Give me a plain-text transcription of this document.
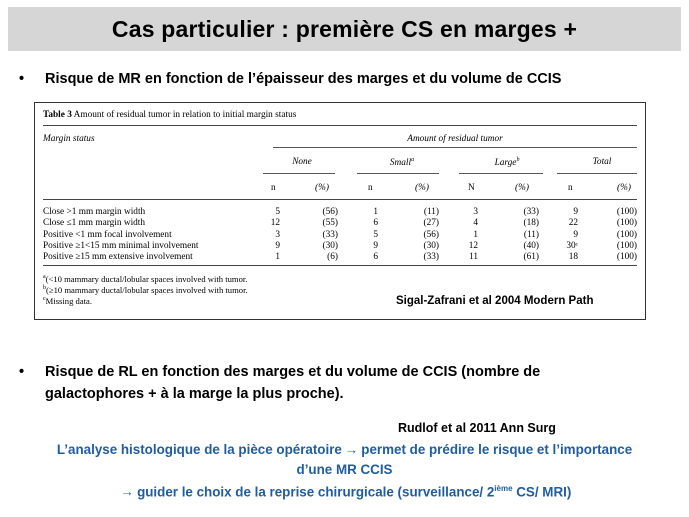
Cas particulier : première CS en marges +
• Risque de MR en fonction de l’épaisseur des marges et du volume de CCIS
Table 3 Amount of residual tumor in relation to initial margin status
Margin status	Amount of residual tumor
None	Small$^a$	Large$^b$	Total
n	(%)	n	(%)	N	(%)	n	(%)
Close >1 mm margin width	5	(56)	1	(11)	3	(33)	9	(100)
Close ≤1 mm margin width	12	(55)	6	(27)	4	(18)	22	(100)
Positive <1 mm focal involvement	3	(33)	5	(56)	1	(11)	9	(100)
Positive ≥1<15 mm minimal involvement	9	(30)	9	(30)	12	(40)	30ᶜ	(100)
Positive ≥15 mm extensive involvement	1	(6)	6	(33)	11	(61)	18	(100)
$^a$(<10 mammary ductal/lobular spaces involved with tumor.
$^b$(≥10 mammary ductal/lobular spaces involved with tumor.
$^c$Missing data.	Sigal-Zafrani et al 2004 Modern Path
• Risque de RL en fonction des marges et du volume de CCIS (nombre de
galactophores + à la marge la plus proche).
Rudlof et al 2011 Ann Surg
L’analyse histologique de la pièce opératoire → permet de prédire le risque et l’importance
d’une MR CCIS
→ guider le choix de la reprise chirurgicale (surveillance/ 2ième CS/ MRI)
